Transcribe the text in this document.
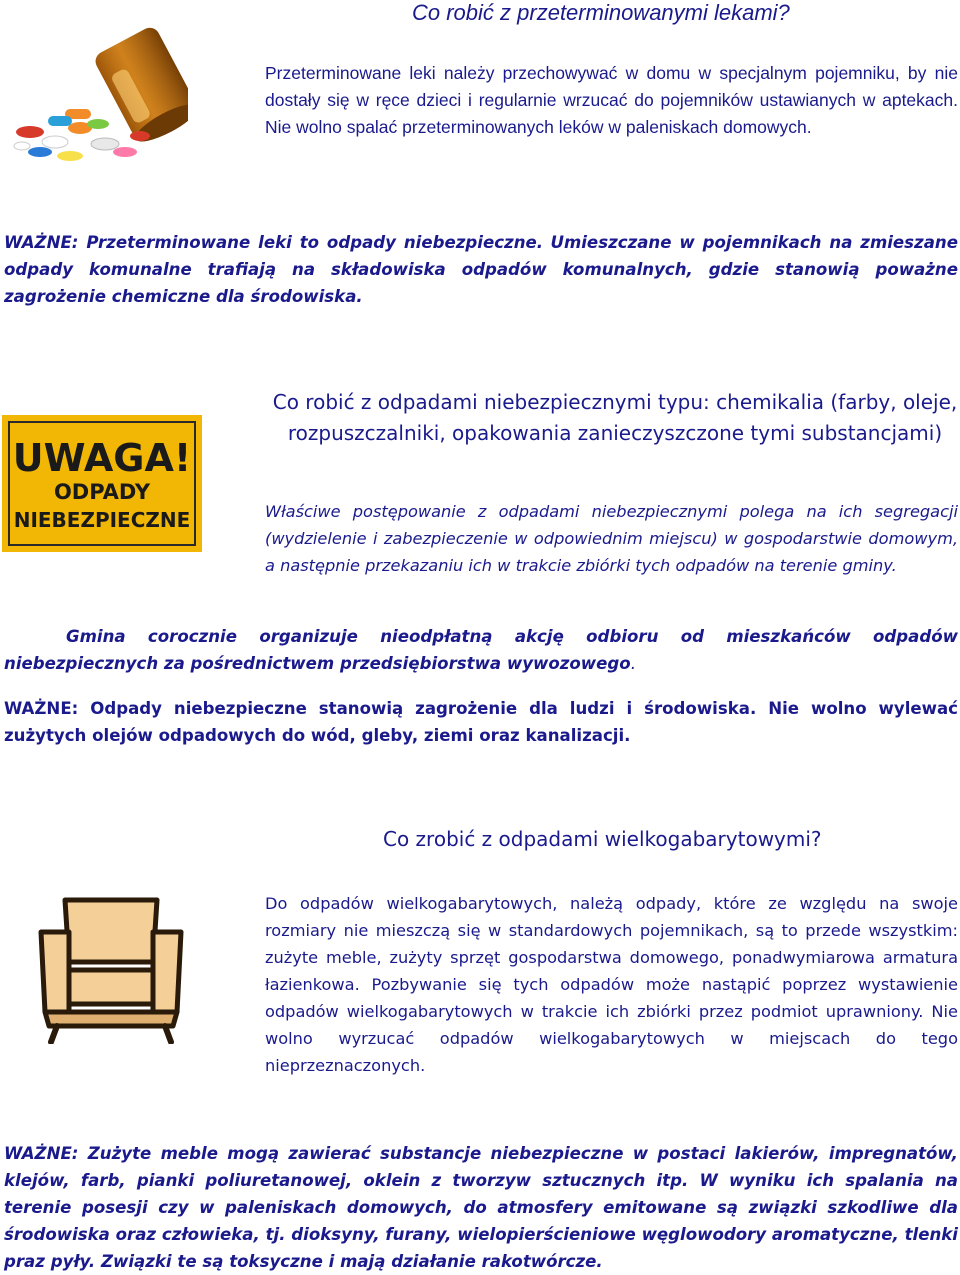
Co robić z przeterminowanymi lekami?
Przeterminowane leki należy przechowywać w domu w specjalnym pojemniku, by nie dostały się w ręce dzieci i regularnie wrzucać do pojemników ustawianych w aptekach. Nie wolno spalać przeterminowanych leków w paleniskach domowych.
WAŻNE: Przeterminowane leki to odpady niebezpieczne. Umieszczane w pojemnikach na zmieszane odpady komunalne trafiają na składowiska odpadów komunalnych, gdzie stanowią poważne zagrożenie chemiczne dla środowiska.
UWAGA!
ODPADY
NIEBEZPIECZNE
Co robić z odpadami niebezpiecznymi typu: chemikalia (farby, oleje, rozpuszczalniki, opakowania zanieczyszczone tymi substancjami)
Właściwe postępowanie z odpadami niebezpiecznymi polega na ich segregacji (wydzielenie i zabezpieczenie w odpowiednim miejscu) w gospodarstwie domowym, a następnie przekazaniu ich w trakcie zbiórki tych odpadów na terenie gminy.
Gmina corocznie organizuje nieodpłatną akcję odbioru od mieszkańców odpadów niebezpiecznych za pośrednictwem przedsiębiorstwa wywozowego.
WAŻNE: Odpady niebezpieczne stanowią zagrożenie dla ludzi i środowiska. Nie wolno wylewać zużytych olejów odpadowych do wód, gleby, ziemi oraz kanalizacji.
Co zrobić z odpadami wielkogabarytowymi?
Do odpadów wielkogabarytowych, należą odpady, które ze względu na swoje rozmiary nie mieszczą się w standardowych pojemnikach, są to przede wszystkim: zużyte meble, zużyty sprzęt gospodarstwa domowego, ponadwymiarowa armatura łazienkowa. Pozbywanie się tych odpadów może nastąpić poprzez wystawienie odpadów wielkogabarytowych w trakcie ich zbiórki przez podmiot uprawniony. Nie wolno wyrzucać odpadów wielkogabarytowych w miejscach do tego nieprzeznaczonych.
WAŻNE: Zużyte meble mogą zawierać substancje niebezpieczne w postaci lakierów, impregnatów, klejów, farb, pianki poliuretanowej, oklein z tworzyw sztucznych itp. W wyniku ich spalania na terenie posesji czy w paleniskach domowych, do atmosfery emitowane są związki szkodliwe dla środowiska oraz człowieka, tj. dioksyny, furany, wielopierścieniowe węglowodory aromatyczne, tlenki praz pyły. Związki te są toksyczne i mają działanie rakotwórcze.
